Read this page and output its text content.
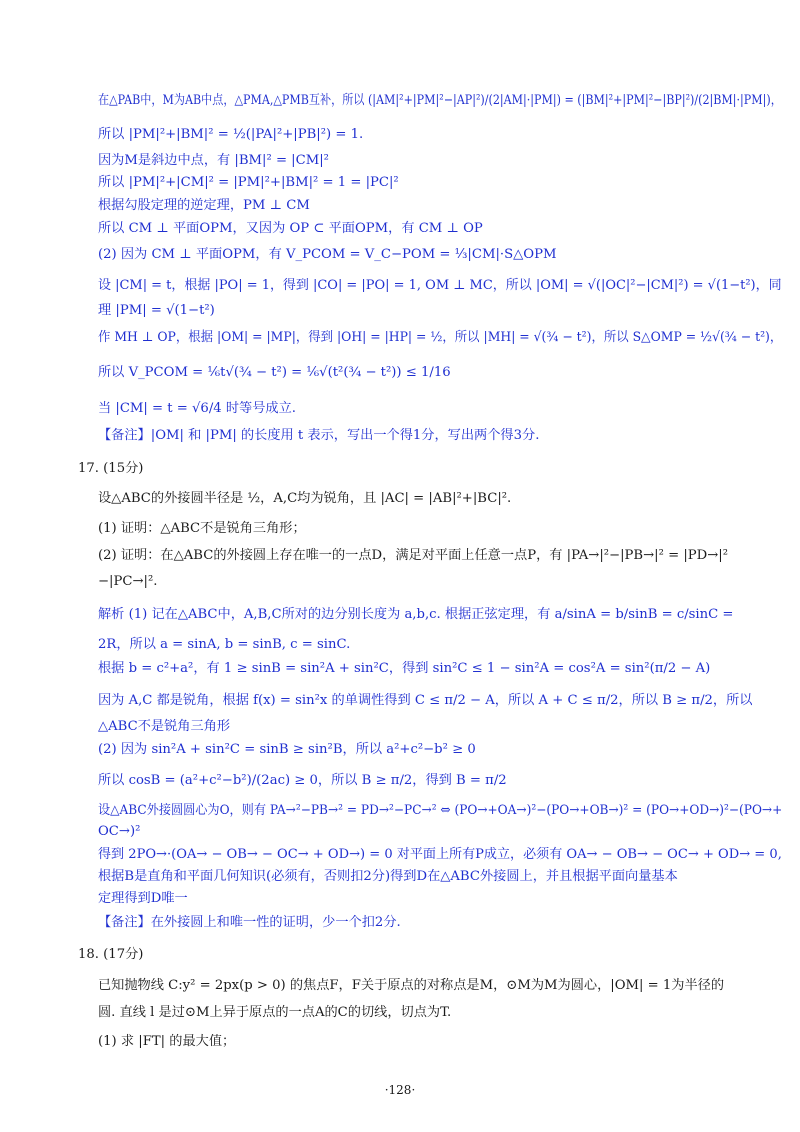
在△PAB中，M为AB中点，△PMA,△PMB互补，所以 (|AM|²+|PM|²−|AP|²)/(2|AM|·|PM|) = (|BM|²+|PM|²−|BP|²)/(2|BM|·|PM|)，
所以 |PM|²+|BM|² = ½(|PA|²+|PB|²) = 1.
因为M是斜边中点，有 |BM|² = |CM|²
所以 |PM|²+|CM|² = |PM|²+|BM|² = 1 = |PC|²
根据勾股定理的逆定理，PM ⊥ CM
所以 CM ⊥ 平面OPM，又因为 OP ⊂ 平面OPM，有 CM ⊥ OP
(2) 因为 CM ⊥ 平面OPM，有 V_PCOM = V_C−POM = ⅓|CM|·S△OPM
设 |CM| = t，根据 |PO| = 1，得到 |CO| = |PO| = 1, OM ⊥ MC，所以 |OM| = √(|OC|²−|CM|²) = √(1−t²)，同
理 |PM| = √(1−t²)
作 MH ⊥ OP，根据 |OM| = |MP|，得到 |OH| = |HP| = ½，所以 |MH| = √(¾ − t²)，所以 S△OMP = ½√(¾ − t²)，
所以 V_PCOM = ⅙t√(¾ − t²) = ⅙√(t²(¾ − t²)) ≤ 1/16
当 |CM| = t = √6/4 时等号成立.
【备注】|OM| 和 |PM| 的长度用 t 表示，写出一个得1分，写出两个得3分.
17. (15分)
设△ABC的外接圆半径是 ½，A,C均为锐角，且 |AC| = |AB|²+|BC|².
(1) 证明：△ABC不是锐角三角形；
(2) 证明：在△ABC的外接圆上存在唯一的一点D，满足对平面上任意一点P，有 |PA→|²−|PB→|² = |PD→|²
−|PC→|².
解析 (1) 记在△ABC中，A,B,C所对的边分别长度为 a,b,c. 根据正弦定理，有 a/sinA = b/sinB = c/sinC =
2R，所以 a = sinA, b = sinB, c = sinC.
根据 b = c²+a²，有 1 ≥ sinB = sin²A + sin²C，得到 sin²C ≤ 1 − sin²A = cos²A = sin²(π/2 − A)
因为 A,C 都是锐角，根据 f(x) = sin²x 的单调性得到 C ≤ π/2 − A，所以 A + C ≤ π/2，所以 B ≥ π/2，所以
△ABC不是锐角三角形
(2) 因为 sin²A + sin²C = sinB ≥ sin²B，所以 a²+c²−b² ≥ 0
所以 cosB = (a²+c²−b²)/(2ac) ≥ 0，所以 B ≥ π/2，得到 B = π/2
设△ABC外接圆圆心为O，则有 PA→²−PB→² = PD→²−PC→² ⇔ (PO→+OA→)²−(PO→+OB→)² = (PO→+OD→)²−(PO→+
OC→)²
得到 2PO→·(OA→ − OB→ − OC→ + OD→) = 0 对平面上所有P成立，必须有 OA→ − OB→ − OC→ + OD→ = 0,
根据B是直角和平面几何知识(必须有，否则扣2分)得到D在△ABC外接圆上，并且根据平面向量基本
定理得到D唯一
【备注】在外接圆上和唯一性的证明，少一个扣2分.
18. (17分)
已知抛物线 C:y² = 2px(p > 0) 的焦点F，F关于原点的对称点是M，⊙M为M为圆心，|OM| = 1为半径的
圆. 直线 l 是过⊙M上异于原点的一点A的C的切线，切点为T.
(1) 求 |FT| 的最大值；
·128·
